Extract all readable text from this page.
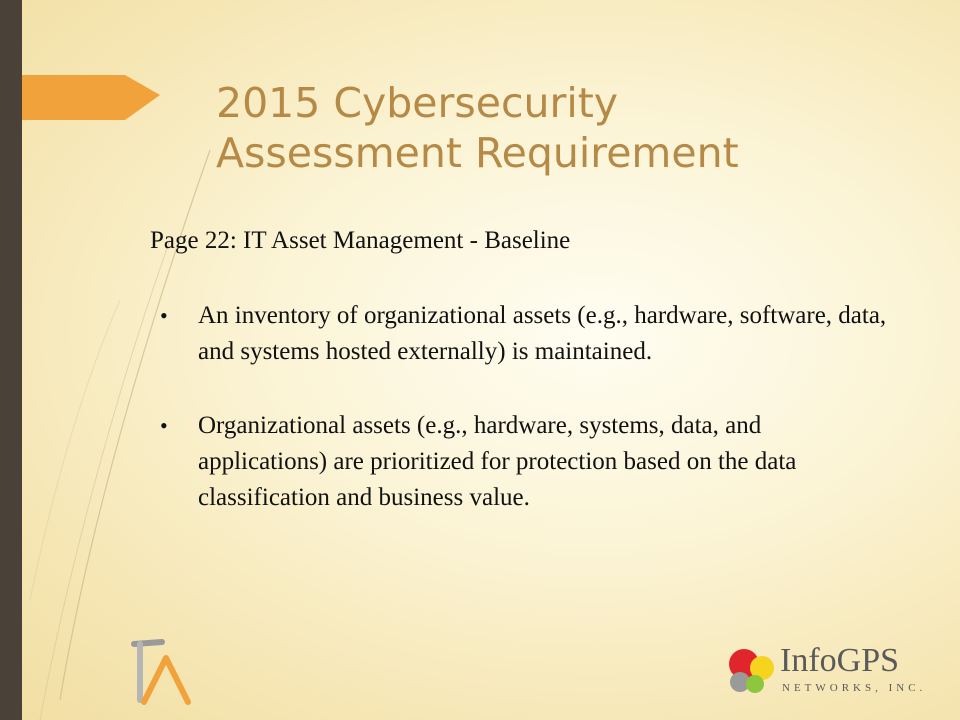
2015 Cybersecurity
Assessment Requirement
Page 22: IT Asset Management - Baseline
• An inventory of organizational assets (e.g., hardware, software, data, and systems hosted externally) is maintained.
• Organizational assets (e.g., hardware, systems, data, and applications) are prioritized for protection based on the data classification and business value.
InfoGPS
NETWORKS, INC.
